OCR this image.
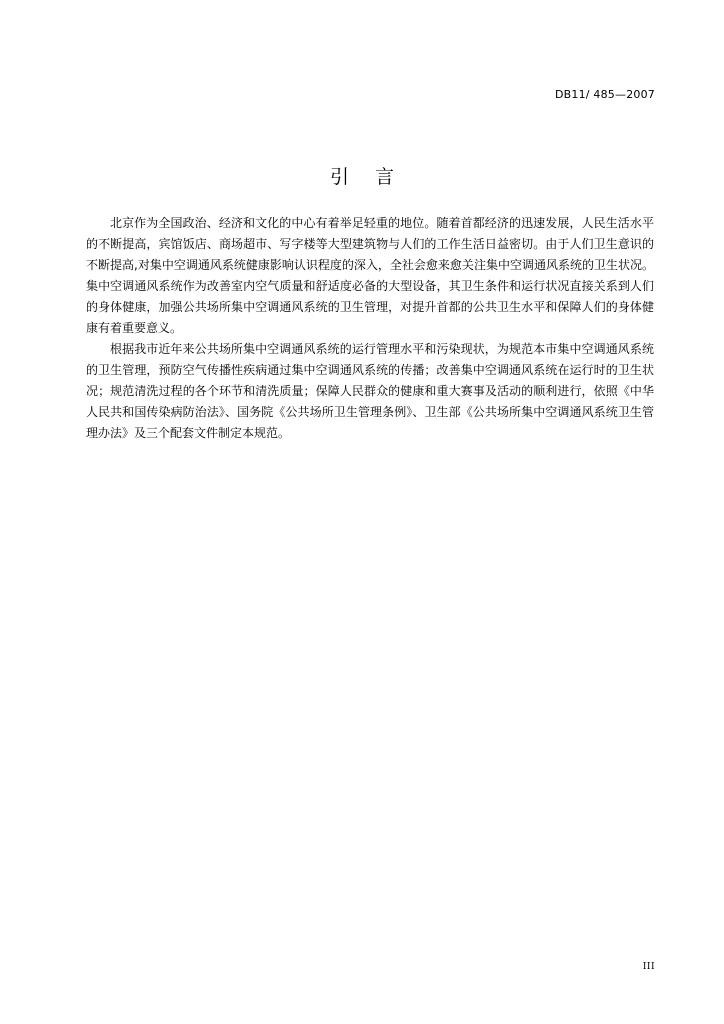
DB11/ 485—2007
引 言

北京作为全国政治、经济和文化的中心有着举足轻重的地位。随着首都经济的迅速发展，人民生活水平的不断提高，宾馆饭店、商场超市、写字楼等大型建筑物与人们的工作生活日益密切。由于人们卫生意识的不断提高,对集中空调通风系统健康影响认识程度的深入，全社会愈来愈关注集中空调通风系统的卫生状况。集中空调通风系统作为改善室内空气质量和舒适度必备的大型设备，其卫生条件和运行状况直接关系到人们的身体健康，加强公共场所集中空调通风系统的卫生管理，对提升首都的公共卫生水平和保障人们的身体健康有着重要意义。

根据我市近年来公共场所集中空调通风系统的运行管理水平和污染现状，为规范本市集中空调通风系统的卫生管理，预防空气传播性疾病通过集中空调通风系统的传播；改善集中空调通风系统在运行时的卫生状况；规范清洗过程的各个环节和清洗质量；保障人民群众的健康和重大赛事及活动的顺利进行，依照《中华人民共和国传染病防治法》、国务院《公共场所卫生管理条例》、卫生部《公共场所集中空调通风系统卫生管理办法》及三个配套文件制定本规范。

III
